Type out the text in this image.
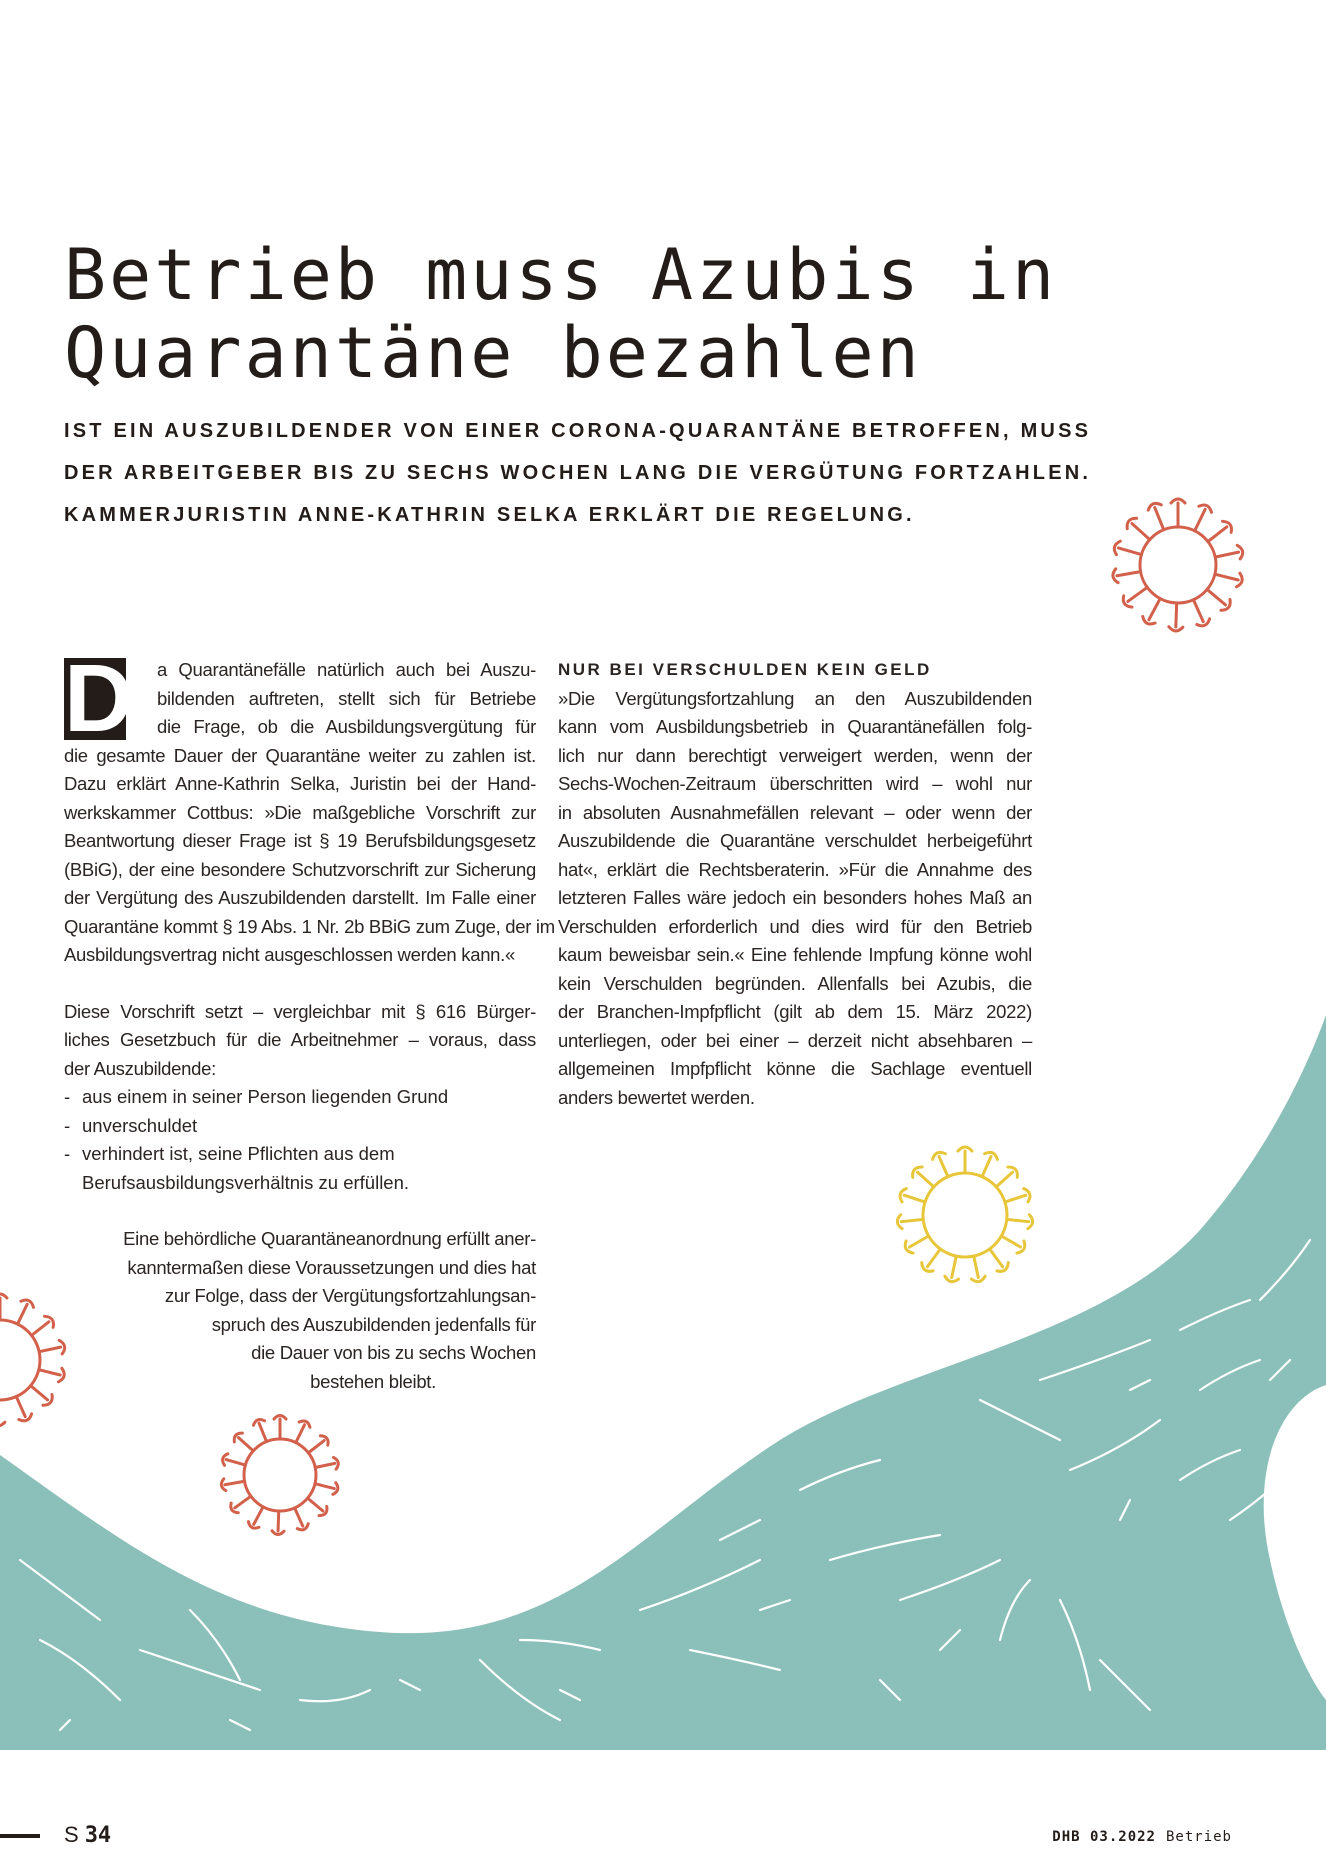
Betrieb muss Azubis in
Quarantäne bezahlen
IST EIN AUSZUBILDENDER VON EINER CORONA-QUARANTÄNE BETROFFEN, MUSS
DER ARBEITGEBER BIS ZU SECHS WOCHEN LANG DIE VERGÜTUNG FORTZAHLEN.
KAMMERJURISTIN ANNE-KATHRIN SELKA ERKLÄRT DIE REGELUNG.
D	a Quarantänefälle natürlich auch bei Auszu-
bildenden auftreten, stellt sich für Betriebe
die Frage, ob die Ausbildungsvergütung für
die gesamte Dauer der Quarantäne weiter zu zahlen ist.
Dazu erklärt Anne-Kathrin Selka, Juristin bei der Hand-
werkskammer Cottbus: »Die maßgebliche Vorschrift zur
Beantwortung dieser Frage ist § 19 Berufsbildungsgesetz
(BBiG), der eine besondere Schutzvorschrift zur Sicherung
der Vergütung des Auszubildenden darstellt. Im Falle einer
Quarantäne kommt § 19 Abs. 1 Nr. 2b BBiG zum Zuge, der im
Ausbildungsvertrag nicht ausgeschlossen werden kann.«
Diese Vorschrift setzt – vergleichbar mit § 616 Bürger-
liches Gesetzbuch für die Arbeitnehmer – voraus, dass
der Auszubildende:
- aus einem in seiner Person liegenden Grund
- unverschuldet
- verhindert ist, seine Pflichten aus dem
Berufsausbildungsverhältnis zu erfüllen.
Eine behördliche Quarantäneanordnung erfüllt aner-
kanntermaßen diese Voraussetzungen und dies hat
zur Folge, dass der Vergütungsfortzahlungsan-
spruch des Auszubildenden jedenfalls für
die Dauer von bis zu sechs Wochen
bestehen bleibt.
NUR BEI VERSCHULDEN KEIN GELD
»Die Vergütungsfortzahlung an den Auszubildenden
kann vom Ausbildungsbetrieb in Quarantänefällen folg-
lich nur dann berechtigt verweigert werden, wenn der
Sechs-Wochen-Zeitraum überschritten wird – wohl nur
in absoluten Ausnahmefällen relevant – oder wenn der
Auszubildende die Quarantäne verschuldet herbeigeführt
hat«, erklärt die Rechtsberaterin. »Für die Annahme des
letzteren Falles wäre jedoch ein besonders hohes Maß an
Verschulden erforderlich und dies wird für den Betrieb
kaum beweisbar sein.« Eine fehlende Impfung könne wohl
kein Verschulden begründen. Allenfalls bei Azubis, die
der Branchen-Impfpflicht (gilt ab dem 15. März 2022)
unterliegen, oder bei einer – derzeit nicht absehbaren –
allgemeinen Impfpflicht könne die Sachlage eventuell
anders bewertet werden.
S 34	DHB 03.2022 Betrieb
